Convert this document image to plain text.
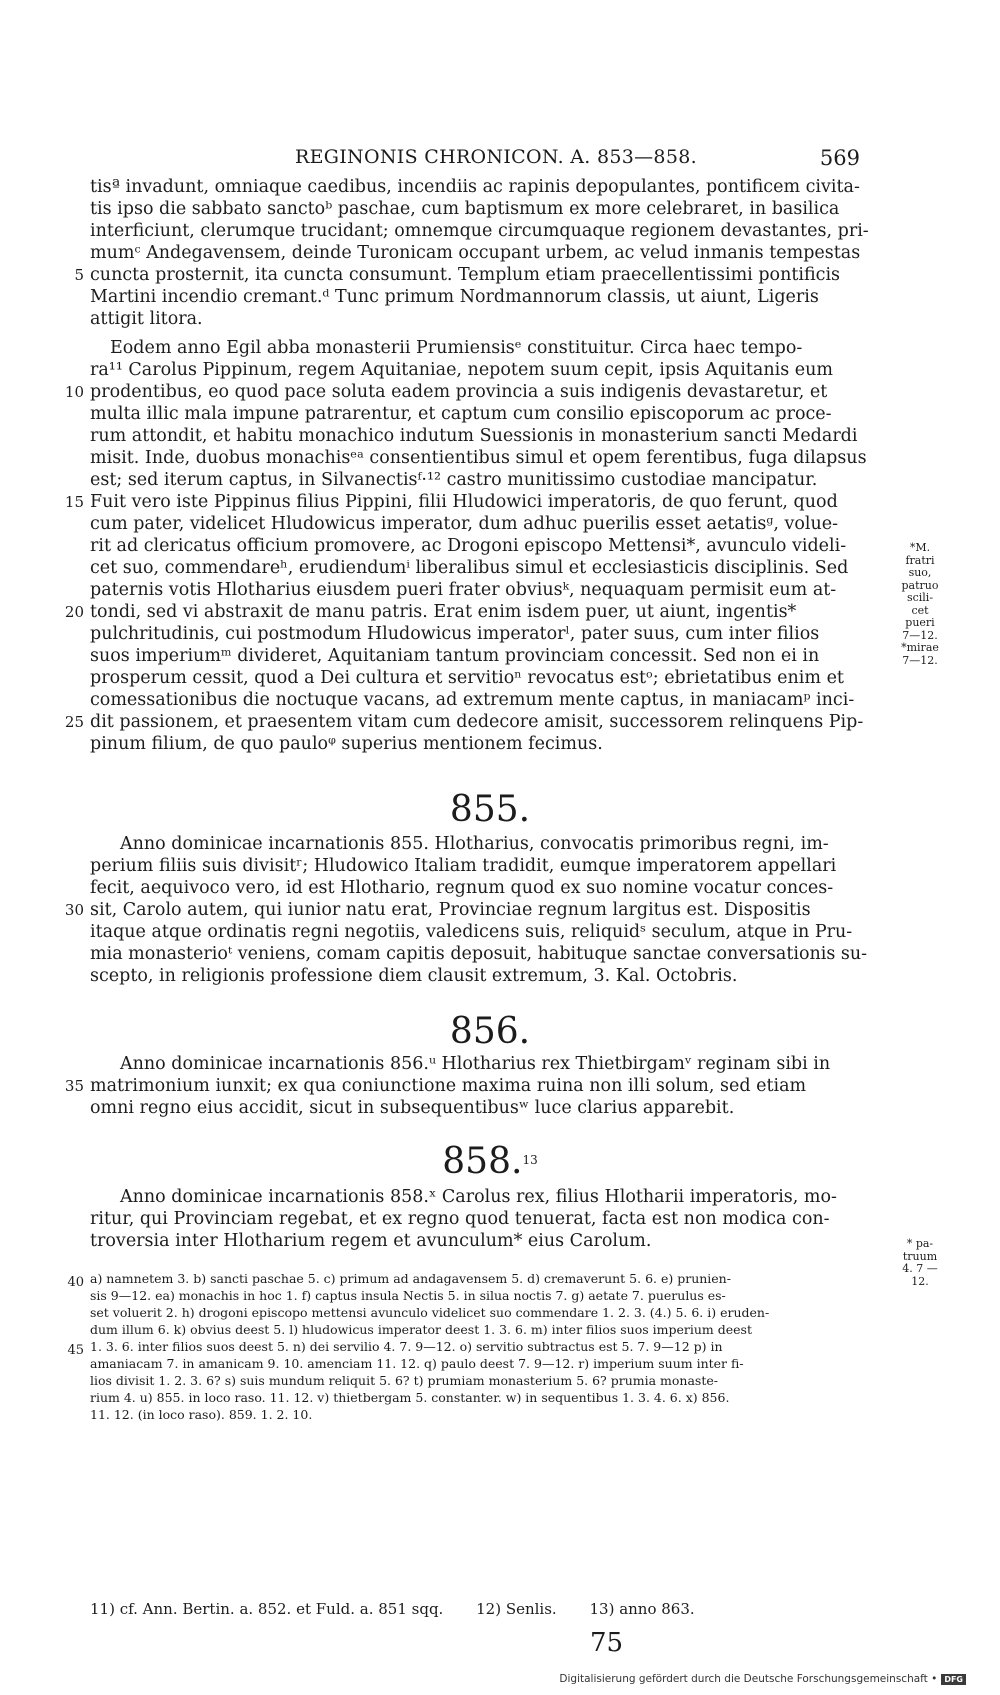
REGINONIS CHRONICON. A. 853—858.	569
tisª invadunt, omniaque caedibus, incendiis ac rapinis depopulantes, pontificem civita-
tis ipso die sabbato sanctoᵇ paschae, cum baptismum ex more celebraret, in basilica
interficiunt, clerumque trucidant; omnemque circumquaque regionem devastantes, pri-
mumᶜ Andegavensem, deinde Turonicam occupant urbem, ac velud inmanis tempestas
cuncta prosternit, ita cuncta consumunt. Templum etiam praecellentissimi pontificis
Martini incendio cremant.ᵈ Tunc primum Nordmannorum classis, ut aiunt, Ligeris
attigit litora.
Eodem anno Egil abba monasterii Prumiensisᵉ constituitur. Circa haec tempo-
ra¹¹ Carolus Pippinum, regem Aquitaniae, nepotem suum cepit, ipsis Aquitanis eum
prodentibus, eo quod pace soluta eadem provincia a suis indigenis devastaretur, et
multa illic mala impune patrarentur, et captum cum consilio episcoporum ac proce-
rum attondit, et habitu monachico indutum Suessionis in monasterium sancti Medardi
misit. Inde, duobus monachisᵉᵃ consentientibus simul et opem ferentibus, fuga dilapsus
est; sed iterum captus, in Silvanectisᶠ·¹² castro munitissimo custodiae mancipatur.
Fuit vero iste Pippinus filius Pippini, filii Hludowici imperatoris, de quo ferunt, quod
cum pater, videlicet Hludowicus imperator, dum adhuc puerilis esset aetatisᵍ, volue-
rit ad clericatus officium promovere, ac Drogoni episcopo Mettensi*, avunculo videli-
cet suo, commendareʰ, erudiendumⁱ liberalibus simul et ecclesiasticis disciplinis. Sed
paternis votis Hlotharius eiusdem pueri frater obviusᵏ, nequaquam permisit eum at-
tondi, sed vi abstraxit de manu patris. Erat enim isdem puer, ut aiunt, ingentis*
pulchritudinis, cui postmodum Hludowicus imperatorˡ, pater suus, cum inter filios
suos imperiumᵐ divideret, Aquitaniam tantum provinciam concessit. Sed non ei in
prosperum cessit, quod a Dei cultura et servitioⁿ revocatus estᵒ; ebrietatibus enim et
comessationibus die noctuque vacans, ad extremum mente captus, in maniacamᵖ inci-
dit passionem, et praesentem vitam cum dedecore amisit, successorem relinquens Pip-
pinum filium, de quo pauloᵠ superius mentionem fecimus.
5
10
15
20
25
30
35
40
45
*M.
fratri
suo,
patruo
scili-
cet
pueri
7—12.
*mirae
7—12.
* pa-
truum
4. 7 —
12.
855.
Anno dominicae incarnationis 855. Hlotharius, convocatis primoribus regni, im-
perium filiis suis divisitʳ; Hludowico Italiam tradidit, eumque imperatorem appellari
fecit, aequivoco vero, id est Hlothario, regnum quod ex suo nomine vocatur conces-
sit, Carolo autem, qui iunior natu erat, Provinciae regnum largitus est. Dispositis
itaque atque ordinatis regni negotiis, valedicens suis, reliquidˢ seculum, atque in Pru-
mia monasterioᵗ veniens, comam capitis deposuit, habituque sanctae conversationis su-
scepto, in religionis professione diem clausit extremum, 3. Kal. Octobris.
856.
Anno dominicae incarnationis 856.ᵘ Hlotharius rex Thietbirgamᵛ reginam sibi in
matrimonium iunxit; ex qua coniunctione maxima ruina non illi solum, sed etiam
omni regno eius accidit, sicut in subsequentibusʷ luce clarius apparebit.
858.13
Anno dominicae incarnationis 858.ˣ Carolus rex, filius Hlotharii imperatoris, mo-
ritur, qui Provinciam regebat, et ex regno quod tenuerat, facta est non modica con-
troversia inter Hlotharium regem et avunculum* eius Carolum.
a) namnetem 3. b) sancti paschae 5. c) primum ad andagavensem 5. d) cremaverunt 5. 6. e) prunien-
sis 9—12. ea) monachis in hoc 1. f) captus insula Nectis 5. in silua noctis 7. g) aetate 7. puerulus es-
set voluerit 2. h) drogoni episcopo mettensi avunculo videlicet suo commendare 1. 2. 3. (4.) 5. 6. i) eruden-
dum illum 6. k) obvius deest 5. l) hludowicus imperator deest 1. 3. 6. m) inter filios suos imperium deest
1. 3. 6. inter filios suos deest 5. n) dei servilio 4. 7. 9—12. o) servitio subtractus est 5. 7. 9—12 p) in
amaniacam 7. in amanicam 9. 10. amenciam 11. 12. q) paulo deest 7. 9—12. r) imperium suum inter fi-
lios divisit 1. 2. 3. 6? s) suis mundum reliquit 5. 6? t) prumiam monasterium 5. 6? prumia monaste-
rium 4. u) 855. in loco raso. 11. 12. v) thietbergam 5. constanter. w) in sequentibus 1. 3. 4. 6. x) 856.
11. 12. (in loco raso). 859. 1. 2. 10.
11) cf. Ann. Bertin. a. 852. et Fuld. a. 851 sqq. 12) Senlis. 13) anno 863.
75
Digitalisierung gefördert durch die Deutsche Forschungsgemeinschaft • DFG
